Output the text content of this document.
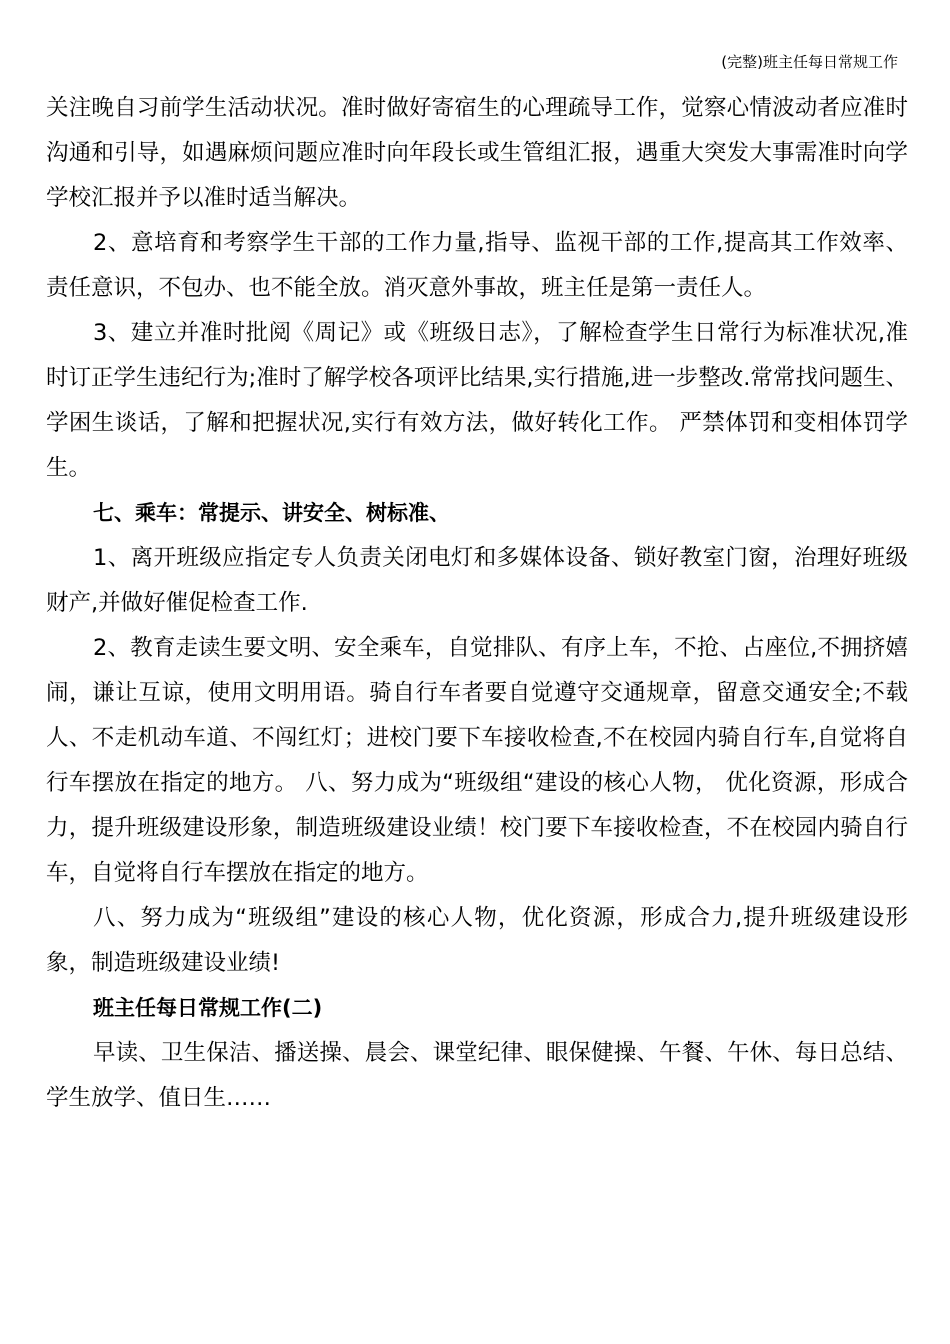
(完整)班主任每日常规工作

关注晚自习前学生活动状况。准时做好寄宿生的心理疏导工作，觉察心情波动者应准时沟通和引导，如遇麻烦问题应准时向年段长或生管组汇报，遇重大突发大事需准时向学学校汇报并予以准时适当解决。

2、意培育和考察学生干部的工作力量,指导、监视干部的工作,提高其工作效率、责任意识，不包办、也不能全放。消灭意外事故，班主任是第一责任人。

3、建立并准时批阅《周记》或《班级日志》，了解检查学生日常行为标准状况,准时订正学生违纪行为;准时了解学校各项评比结果,实行措施,进一步整改.常常找问题生、学困生谈话，了解和把握状况,实行有效方法，做好转化工作。 严禁体罚和变相体罚学生。

七、乘车：常提示、讲安全、树标准、

1、离开班级应指定专人负责关闭电灯和多媒体设备、锁好教室门窗，治理好班级财产,并做好催促检查工作.

2、教育走读生要文明、安全乘车，自觉排队、有序上车，不抢、占座位,不拥挤嬉闹，谦让互谅，使用文明用语。骑自行车者要自觉遵守交通规章，留意交通安全;不载人、不走机动车道、不闯红灯；进校门要下车接收检查,不在校园内骑自行车,自觉将自行车摆放在指定的地方。 八、努力成为“班级组“建设的核心人物， 优化资源，形成合力，提升班级建设形象，制造班级建设业绩！校门要下车接收检查，不在校园内骑自行车，自觉将自行车摆放在指定的地方。

八、努力成为“班级组”建设的核心人物，优化资源，形成合力,提升班级建设形象，制造班级建设业绩!

班主任每日常规工作(二)

早读、卫生保洁、播送操、晨会、课堂纪律、眼保健操、午餐、午休、每日总结、学生放学、值日生……
